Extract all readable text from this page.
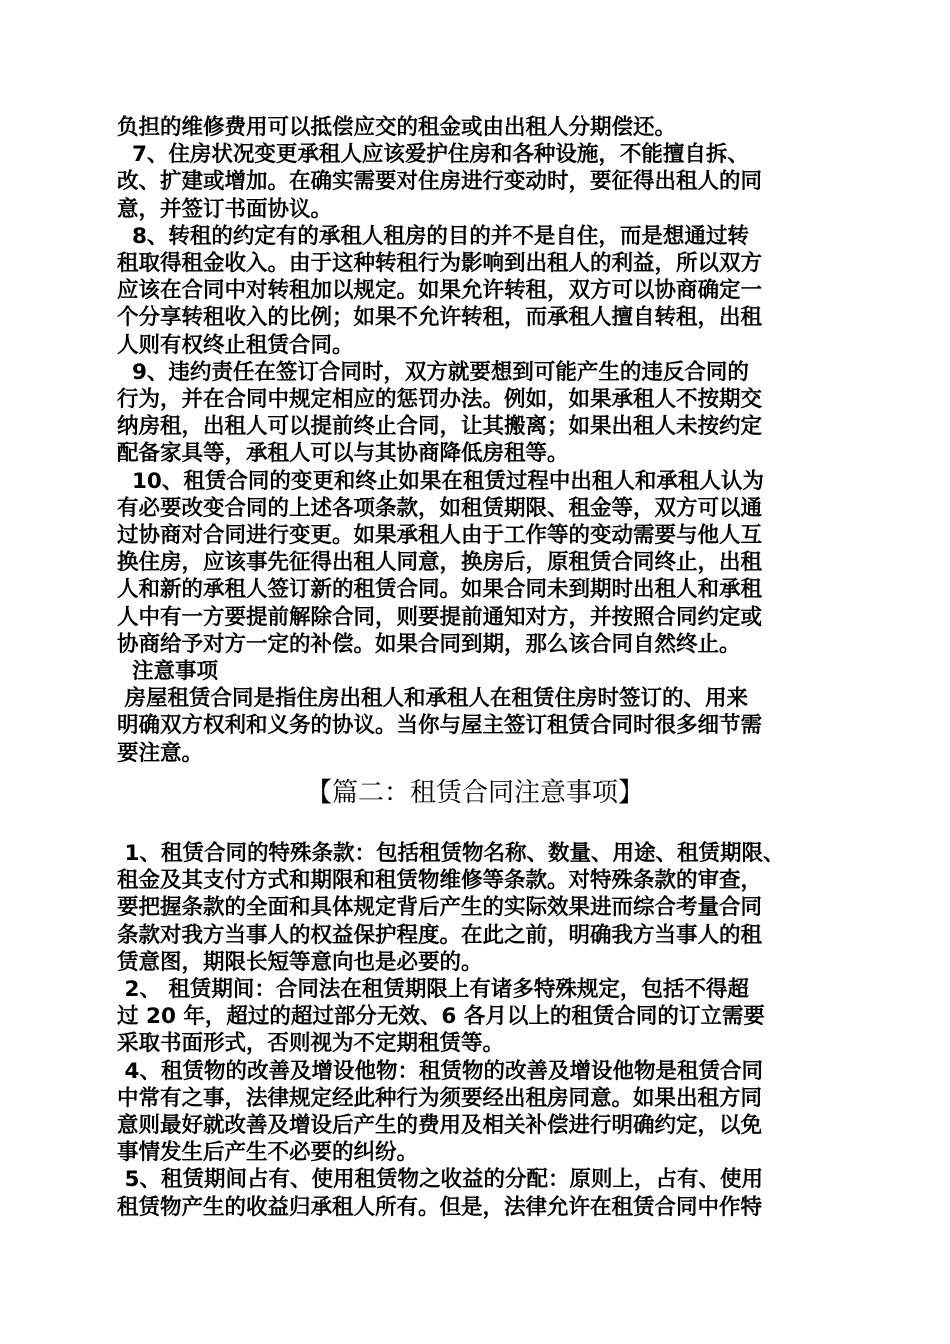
负担的维修费用可以抵偿应交的租金或由出租人分期偿还。
7、住房状况变更承租人应该爱护住房和各种设施，不能擅自拆、
改、扩建或增加。在确实需要对住房进行变动时，要征得出租人的同
意，并签订书面协议。
8、转租的约定有的承租人租房的目的并不是自住，而是想通过转
租取得租金收入。由于这种转租行为影响到出租人的利益，所以双方
应该在合同中对转租加以规定。如果允许转租，双方可以协商确定一
个分享转租收入的比例；如果不允许转租，而承租人擅自转租，出租
人则有权终止租赁合同。
9、违约责任在签订合同时，双方就要想到可能产生的违反合同的
行为，并在合同中规定相应的惩罚办法。例如，如果承租人不按期交
纳房租，出租人可以提前终止合同，让其搬离；如果出租人未按约定
配备家具等，承租人可以与其协商降低房租等。
10、租赁合同的变更和终止如果在租赁过程中出租人和承租人认为
有必要改变合同的上述各项条款，如租赁期限、租金等，双方可以通
过协商对合同进行变更。如果承租人由于工作等的变动需要与他人互
换住房，应该事先征得出租人同意，换房后，原租赁合同终止，出租
人和新的承租人签订新的租赁合同。如果合同未到期时出租人和承租
人中有一方要提前解除合同，则要提前通知对方，并按照合同约定或
协商给予对方一定的补偿。如果合同到期，那么该合同自然终止。
注意事项
房屋租赁合同是指住房出租人和承租人在租赁住房时签订的、用来
明确双方权利和义务的协议。当你与屋主签订租赁合同时很多细节需
要注意。
【篇二：租赁合同注意事项】
1、租赁合同的特殊条款：包括租赁物名称、数量、用途、租赁期限、
租金及其支付方式和期限和租赁物维修等条款。对特殊条款的审查，
要把握条款的全面和具体规定背后产生的实际效果进而综合考量合同
条款对我方当事人的权益保护程度。在此之前，明确我方当事人的租
赁意图，期限长短等意向也是必要的。
2、 租赁期间：合同法在租赁期限上有诸多特殊规定，包括不得超
过 20 年，超过的超过部分无效、6 各月以上的租赁合同的订立需要
采取书面形式，否则视为不定期租赁等。
4、租赁物的改善及增设他物：租赁物的改善及增设他物是租赁合同
中常有之事，法律规定经此种行为须要经出租房同意。如果出租方同
意则最好就改善及增设后产生的费用及相关补偿进行明确约定，以免
事情发生后产生不必要的纠纷。
5、租赁期间占有、使用租赁物之收益的分配：原则上，占有、使用
租赁物产生的收益归承租人所有。但是，法律允许在租赁合同中作特
